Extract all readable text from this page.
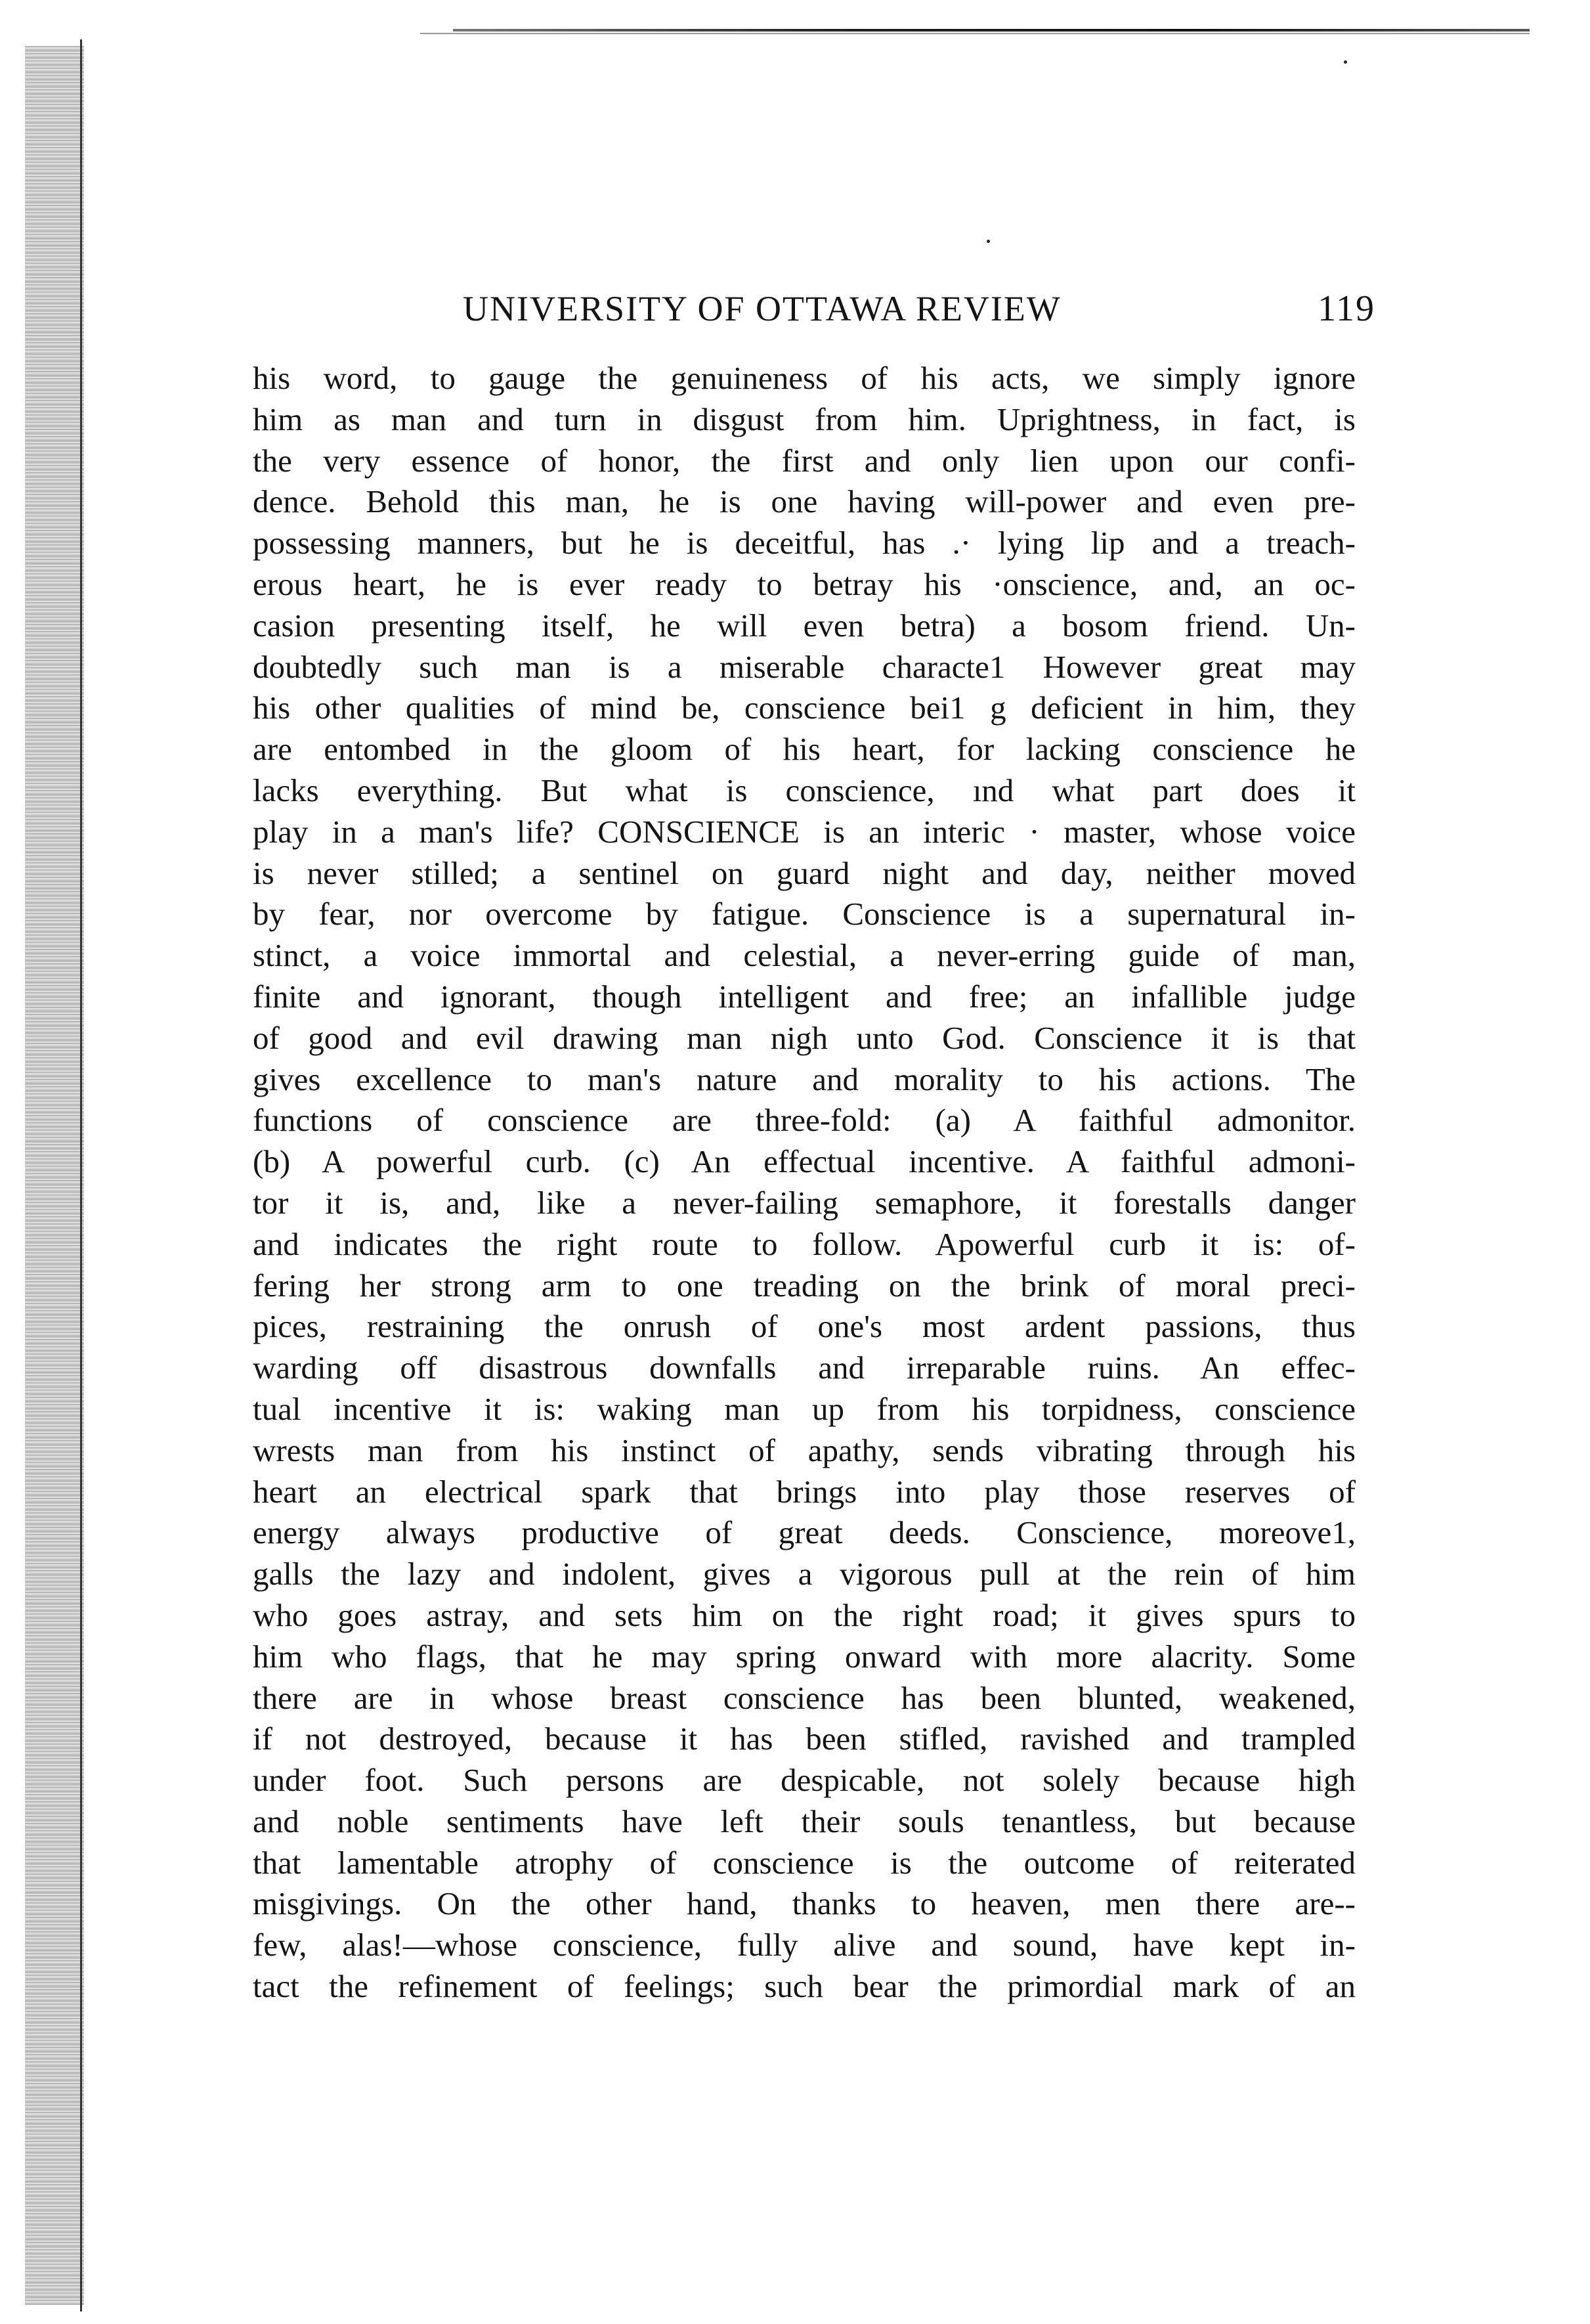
UNIVERSITY OF OTTAWA REVIEW	119
his word, to gauge the genuineness of his acts, we simply ignore
him as man and turn in disgust from him. Uprightness, in fact, is
the very essence of honor, the first and only lien upon our confi-
dence. Behold this man, he is one having will-power and even pre-
possessing manners, but he is deceitful, has .· lying lip and a treach-
erous heart, he is ever ready to betray his ·onscience, and, an oc-
casion presenting itself, he will even betra) a bosom friend. Un-
doubtedly such man is a miserable characte1 However great may
his other qualities of mind be, conscience bei1 g deficient in him, they
are entombed in the gloom of his heart, for lacking conscience he
lacks everything. But what is conscience, ınd what part does it
play in a man's life? CONSCIENCE is an interic · master, whose voice
is never stilled; a sentinel on guard night and day, neither moved
by fear, nor overcome by fatigue. Conscience is a supernatural in-
stinct, a voice immortal and celestial, a never-erring guide of man,
finite and ignorant, though intelligent and free; an infallible judge
of good and evil drawing man nigh unto God. Conscience it is that
gives excellence to man's nature and morality to his actions. The
functions of conscience are three-fold: (a) A faithful admonitor.
(b) A powerful curb. (c) An effectual incentive. A faithful admoni-
tor it is, and, like a never-failing semaphore, it forestalls danger
and indicates the right route to follow. Apowerful curb it is: of-
fering her strong arm to one treading on the brink of moral preci-
pices, restraining the onrush of one's most ardent passions, thus
warding off disastrous downfalls and irreparable ruins. An effec-
tual incentive it is: waking man up from his torpidness, conscience
wrests man from his instinct of apathy, sends vibrating through his
heart an electrical spark that brings into play those reserves of
energy always productive of great deeds. Conscience, moreove1,
galls the lazy and indolent, gives a vigorous pull at the rein of him
who goes astray, and sets him on the right road; it gives spurs to
him who flags, that he may spring onward with more alacrity. Some
there are in whose breast conscience has been blunted, weakened,
if not destroyed, because it has been stifled, ravished and trampled
under foot. Such persons are despicable, not solely because high
and noble sentiments have left their souls tenantless, but because
that lamentable atrophy of conscience is the outcome of reiterated
misgivings. On the other hand, thanks to heaven, men there are--
few, alas!—whose conscience, fully alive and sound, have kept in-
tact the refinement of feelings; such bear the primordial mark of an
